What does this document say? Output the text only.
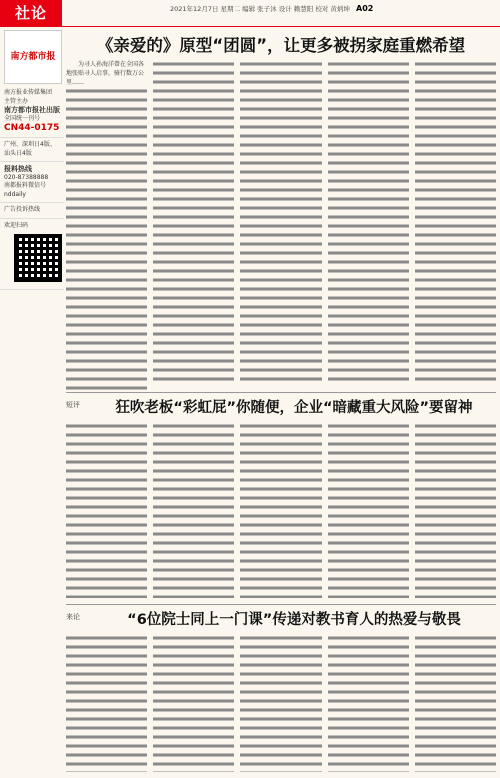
社论	2021年12月7日 星期二 编辑 张子沐 设计 赖慧阳 校对 黄炳坤 A02
南方都市报
南方报业传媒集团
主管主办
南方都市报社出版
全国统一刊号
CN44-0175
广州、深圳日4版、汕头日4版
报料热线
020-87388888
南都报料微信号
nddaily
广告投诉热线
欢迎扫码
《亲爱的》原型“团圆”，让更多被拐家庭重燃希望

为寻人孙海洋曾在全国各地张贴寻人启事，骑行数万公里……

短评	狂吹老板“彩虹屁”你随便，企业“暗藏重大风险”要留神
来论	“6位院士同上一门课”传递对教书育人的热爱与敬畏
